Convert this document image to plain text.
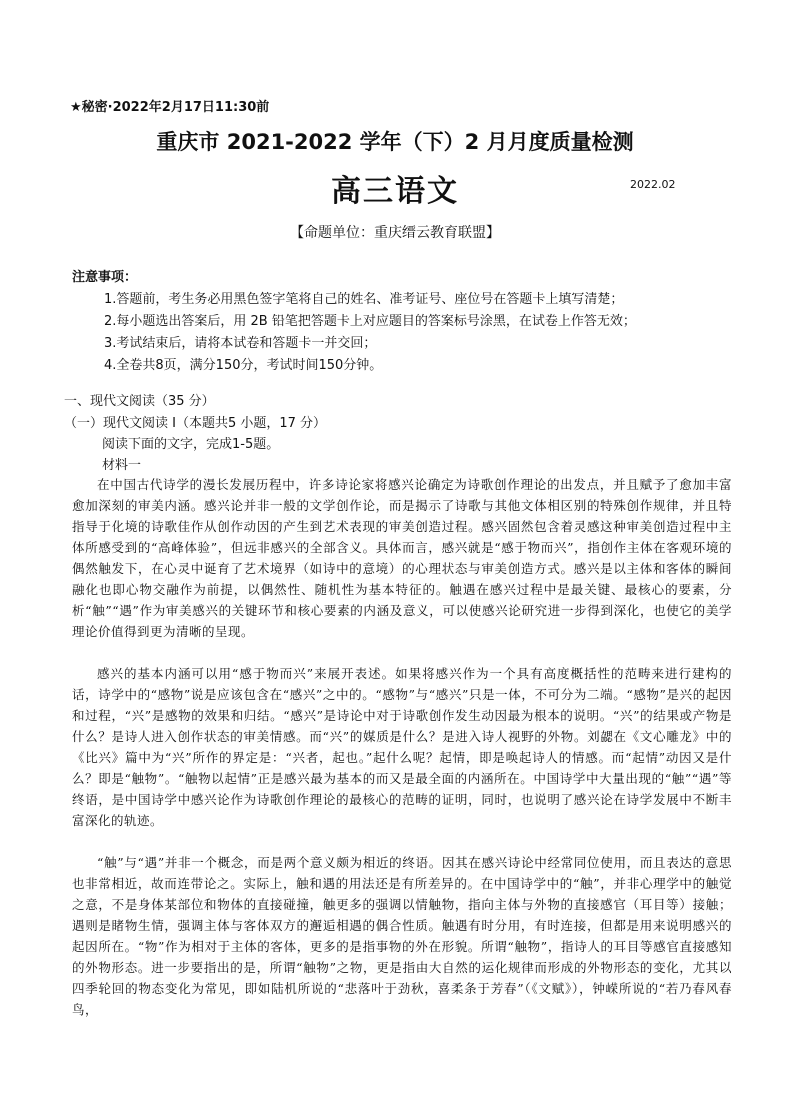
★秘密·2022年2月17日11:30前
重庆市 2021-2022 学年（下）2 月月度质量检测
高三语文	2022.02
【命题单位：重庆缙云教育联盟】
注意事项：
1.答题前，考生务必用黑色签字笔将自己的姓名、准考证号、座位号在答题卡上填写清楚；
2.每小题选出答案后，用 2B 铅笔把答题卡上对应题目的答案标号涂黑，在试卷上作答无效；
3.考试结束后，请将本试卷和答题卡一并交回；
4.全卷共8页，满分150分，考试时间150分钟。
一、现代文阅读（35 分）
（一）现代文阅读 I（本题共5 小题，17 分）
阅读下面的文字，完成1-5题。
材料一
在中国古代诗学的漫长发展历程中，许多诗论家将感兴论确定为诗歌创作理论的出发点，并且赋予了愈加丰富愈加深刻的审美内涵。感兴论并非一般的文学创作论，而是揭示了诗歌与其他文体相区别的特殊创作规律，并且特指导于化境的诗歌佳作从创作动因的产生到艺术表现的审美创造过程。感兴固然包含着灵感这种审美创造过程中主体所感受到的“高峰体验”，但远非感兴的全部含义。具体而言，感兴就是“感于物而兴”，指创作主体在客观环境的偶然触发下，在心灵中诞育了艺术境界（如诗中的意境）的心理状态与审美创造方式。感兴是以主体和客体的瞬间融化也即心物交融作为前提，以偶然性、随机性为基本特征的。触遇在感兴过程中是最关键、最核心的要素，分析“触”“遇”作为审美感兴的关键环节和核心要素的内涵及意义，可以使感兴论研究进一步得到深化，也使它的美学理论价值得到更为清晰的呈现。
感兴的基本内涵可以用“感于物而兴”来展开表述。如果将感兴作为一个具有高度概括性的范畴来进行建构的话，诗学中的“感物”说是应该包含在“感兴”之中的。“感物”与“感兴”只是一体，不可分为二端。“感物”是兴的起因和过程，“兴”是感物的效果和归结。“感兴”是诗论中对于诗歌创作发生动因最为根本的说明。“兴”的结果或产物是什么？是诗人进入创作状态的审美情感。而“兴”的媒质是什么？是进入诗人视野的外物。刘勰在《文心雕龙》中的《比兴》篇中为“兴”所作的界定是：“兴者，起也。”起什么呢？起情，即是唤起诗人的情感。而“起情”动因又是什么？即是“触物”。“触物以起情”正是感兴最为基本的而又是最全面的内涵所在。中国诗学中大量出现的“触”“遇”等终语，是中国诗学中感兴论作为诗歌创作理论的最核心的范畴的证明，同时，也说明了感兴论在诗学发展中不断丰富深化的轨迹。
“触”与“遇”并非一个概念，而是两个意义颇为相近的终语。因其在感兴诗论中经常同位使用，而且表达的意思也非常相近，故而连带论之。实际上，触和遇的用法还是有所差异的。在中国诗学中的“触”，并非心理学中的触觉之意，不是身体某部位和物体的直接碰撞，触更多的强调以情触物，指向主体与外物的直接感官（耳目等）接触；遇则是睹物生情，强调主体与客体双方的邂逅相遇的偶合性质。触遇有时分用，有时连接，但都是用来说明感兴的起因所在。“物”作为相对于主体的客体，更多的是指事物的外在形貌。所谓“触物”，指诗人的耳目等感官直接感知的外物形态。进一步要指出的是，所谓“触物”之物，更是指由大自然的运化规律而形成的外物形态的变化，尤其以四季轮回的物态变化为常见，即如陆机所说的“悲落叶于劲秋，喜柔条于芳春”（《文赋》），钟嵘所说的“若乃春风春鸟，
